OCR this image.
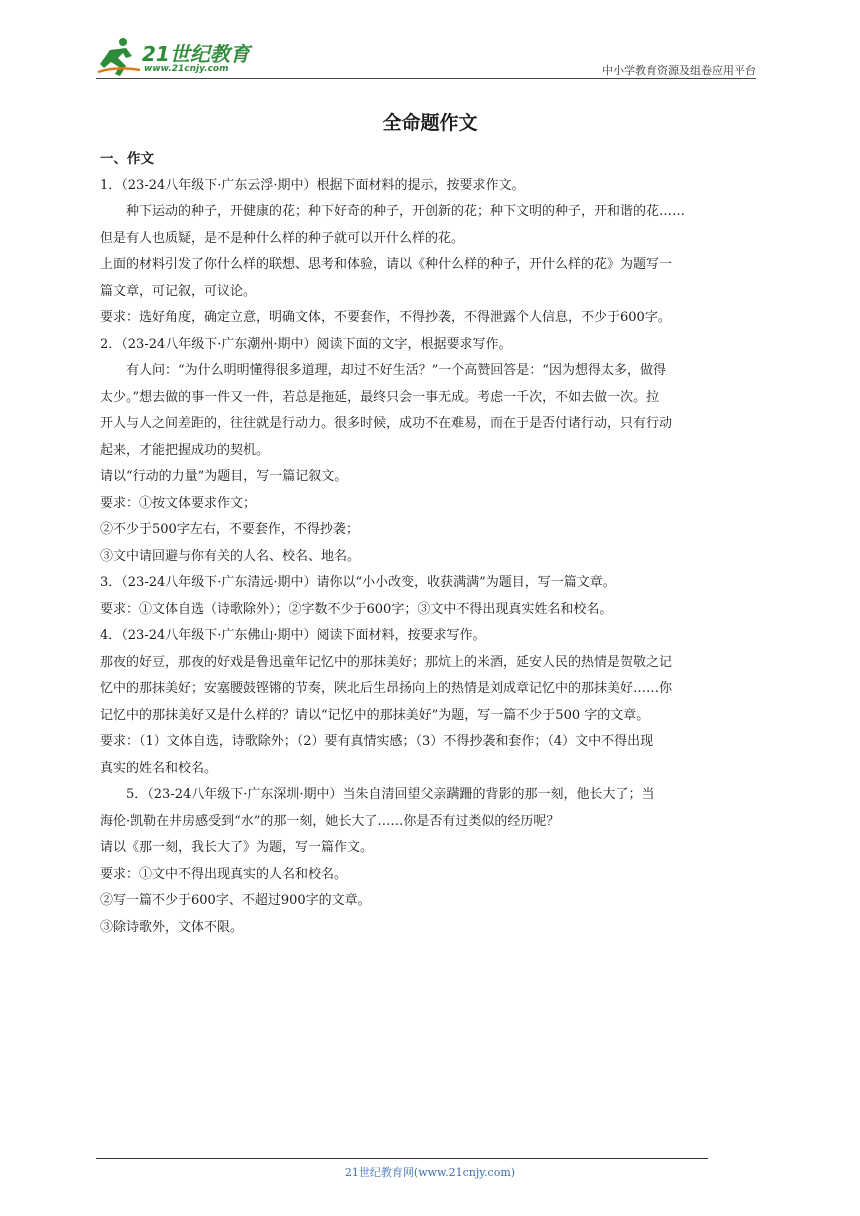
21世纪教育
www.21cnjy.com	中小学教育资源及组卷应用平台
全命题作文

一、作文

1．（23-24八年级下·广东云浮·期中）根据下面材料的提示，按要求作文。

种下运动的种子，开健康的花；种下好奇的种子，开创新的花；种下文明的种子，开和谐的花……

但是有人也质疑，是不是种什么样的种子就可以开什么样的花。

上面的材料引发了你什么样的联想、思考和体验，请以《种什么样的种子，开什么样的花》为题写一

篇文章，可记叙，可议论。

要求：选好角度，确定立意，明确文体，不要套作，不得抄袭，不得泄露个人信息，不少于600字。

2．（23-24八年级下·广东潮州·期中）阅读下面的文字，根据要求写作。

有人问：“为什么明明懂得很多道理，却过不好生活？”一个高赞回答是：“因为想得太多，做得

太少。”想去做的事一件又一件，若总是拖延，最终只会一事无成。考虑一千次，不如去做一次。拉

开人与人之间差距的，往往就是行动力。很多时候，成功不在难易，而在于是否付诸行动，只有行动

起来，才能把握成功的契机。

请以“行动的力量”为题目，写一篇记叙文。

要求：①按文体要求作文；

②不少于500字左右，不要套作，不得抄袭；

③文中请回避与你有关的人名、校名、地名。

3．（23-24八年级下·广东清远·期中）请你以“小小改变，收获满满”为题目，写一篇文章。

要求：①文体自选（诗歌除外）；②字数不少于600字；③文中不得出现真实姓名和校名。

4．（23-24八年级下·广东佛山·期中）阅读下面材料，按要求写作。

那夜的好豆，那夜的好戏是鲁迅童年记忆中的那抹美好；那炕上的米酒，延安人民的热情是贺敬之记

忆中的那抹美好；安塞腰鼓铿锵的节奏，陕北后生昂扬向上的热情是刘成章记忆中的那抹美好……你

记忆中的那抹美好又是什么样的？请以“记忆中的那抹美好”为题，写一篇不少于500 字的文章。

要求：（1）文体自选，诗歌除外；（2）要有真情实感；（3）不得抄袭和套作；（4）文中不得出现

真实的姓名和校名。

5．（23-24八年级下·广东深圳·期中）当朱自清回望父亲蹒跚的背影的那一刻，他长大了；当

海伦·凯勒在井房感受到“水”的那一刻，她长大了……你是否有过类似的经历呢？

请以《那一刻，我长大了》为题，写一篇作文。

要求：①文中不得出现真实的人名和校名。

②写一篇不少于600字、不超过900字的文章。

③除诗歌外，文体不限。

21世纪教育网(www.21cnjy.com)
